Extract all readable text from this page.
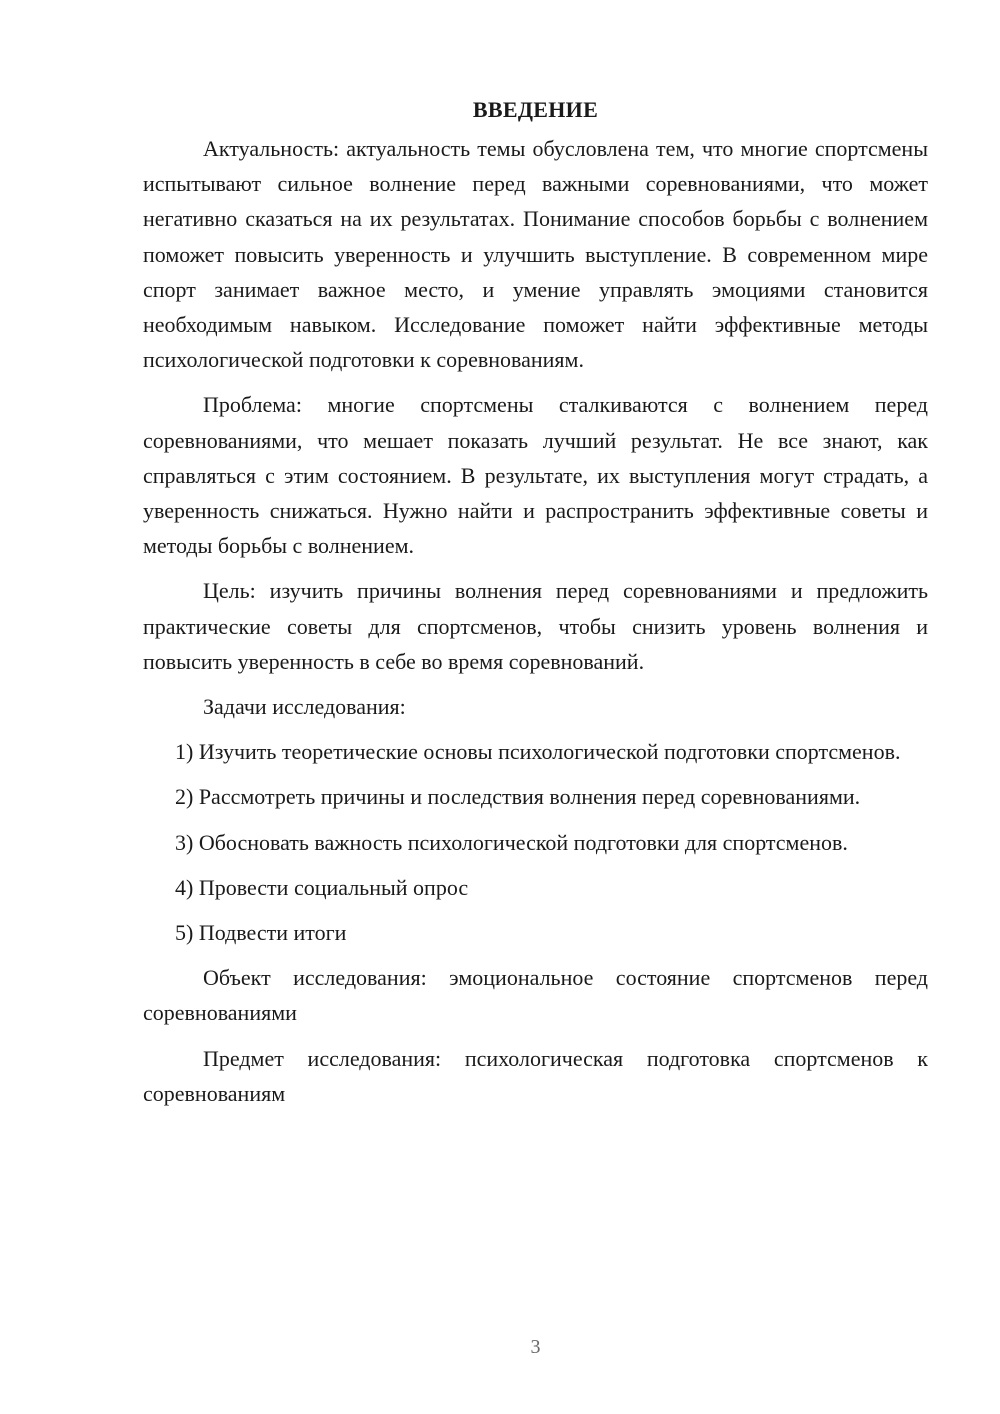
ВВЕДЕНИЕ

Актуальность: актуальность темы обусловлена тем, что многие спортсмены испытывают сильное волнение перед важными соревнованиями, что может негативно сказаться на их результатах. Понимание способов борьбы с волнением поможет повысить уверенность и улучшить выступление. В современном мире спорт занимает важное место, и умение управлять эмоциями становится необходимым навыком. Исследование поможет найти эффективные методы психологической подготовки к соревнованиям.

Проблема: многие спортсмены сталкиваются с волнением перед соревнованиями, что мешает показать лучший результат. Не все знают, как справляться с этим состоянием. В результате, их выступления могут страдать, а уверенность снижаться. Нужно найти и распространить эффективные советы и методы борьбы с волнением.

Цель: изучить причины волнения перед соревнованиями и предложить практические советы для спортсменов, чтобы снизить уровень волнения и повысить уверенность в себе во время соревнований.

Задачи исследования:

1) Изучить теоретические основы психологической подготовки спортсменов.

2) Рассмотреть причины и последствия волнения перед соревнованиями.

3) Обосновать важность психологической подготовки для спортсменов.

4) Провести социальный опрос

5) Подвести итоги

Объект исследования: эмоциональное состояние спортсменов перед соревнованиями

Предмет исследования: психологическая подготовка спортсменов к соревнованиям

3
